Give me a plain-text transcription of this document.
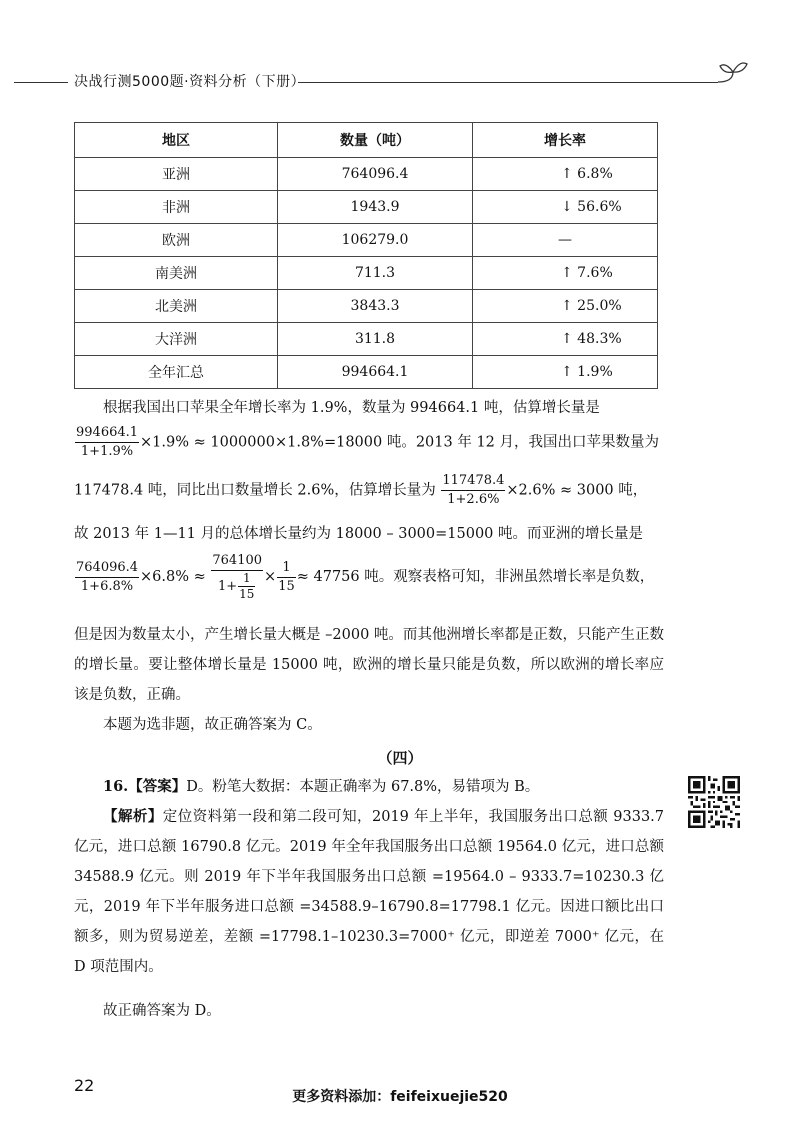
决战行测5000题·资料分析（下册）
地区	数量（吨）	增长率
亚洲	764096.4	↑ 6.8%
非洲	1943.9	↓ 56.6%
欧洲	106279.0	—
南美洲	711.3	↑ 7.6%
北美洲	3843.3	↑ 25.0%
大洋洲	311.8	↑ 48.3%
全年汇总	994664.1	↑ 1.9%
根据我国出口苹果全年增长率为 1.9%，数量为 994664.1 吨，估算增长量是
$\frac{994664.1}{1+1.9\%} \times 1.9\% \approx 1000000\times 1.8\%=18000$ 吨。2013 年 12 月，我国出口苹果数量为
117478.4 吨，同比出口数量增长 2.6%，估算增长量为 $\frac{117478.4}{1+2.6\%} \times 2.6\% \approx 3000$ 吨，
故 2013 年 1—11 月的总体增长量约为 18000 – 3000=15000 吨。而亚洲的增长量是
$\frac{764096.4}{1+6.8\%} \times 6.8\% \approx \frac{764100}{1+ \frac{1}{15}} \times \frac{1}{15} \approx 47756$ 吨。观察表格可知，非洲虽然增长率是负数，
但是因为数量太小，产生增长量大概是 –2000 吨。而其他洲增长率都是正数，只能产生正数的增长量。要让整体增长量是 15000 吨，欧洲的增长量只能是负数，所以欧洲的增长率应该是负数，正确。
本题为选非题，故正确答案为 C。
（四）
16.【答案】D。粉笔大数据：本题正确率为 67.8%，易错项为 B。
【解析】定位资料第一段和第二段可知，2019 年上半年，我国服务出口总额 9333.7 亿元，进口总额 16790.8 亿元。2019 年全年我国服务出口总额 19564.0 亿元，进口总额 34588.9 亿元。则 2019 年下半年我国服务出口总额 =19564.0 – 9333.7=10230.3 亿元，2019 年下半年服务进口总额 =34588.9–16790.8=17798.1 亿元。因进口额比出口额多，则为贸易逆差，差额 =17798.1–10230.3=7000⁺ 亿元，即逆差 7000⁺ 亿元，在 D 项范围内。
故正确答案为 D。
22
更多资料添加：feifeixuejie520
